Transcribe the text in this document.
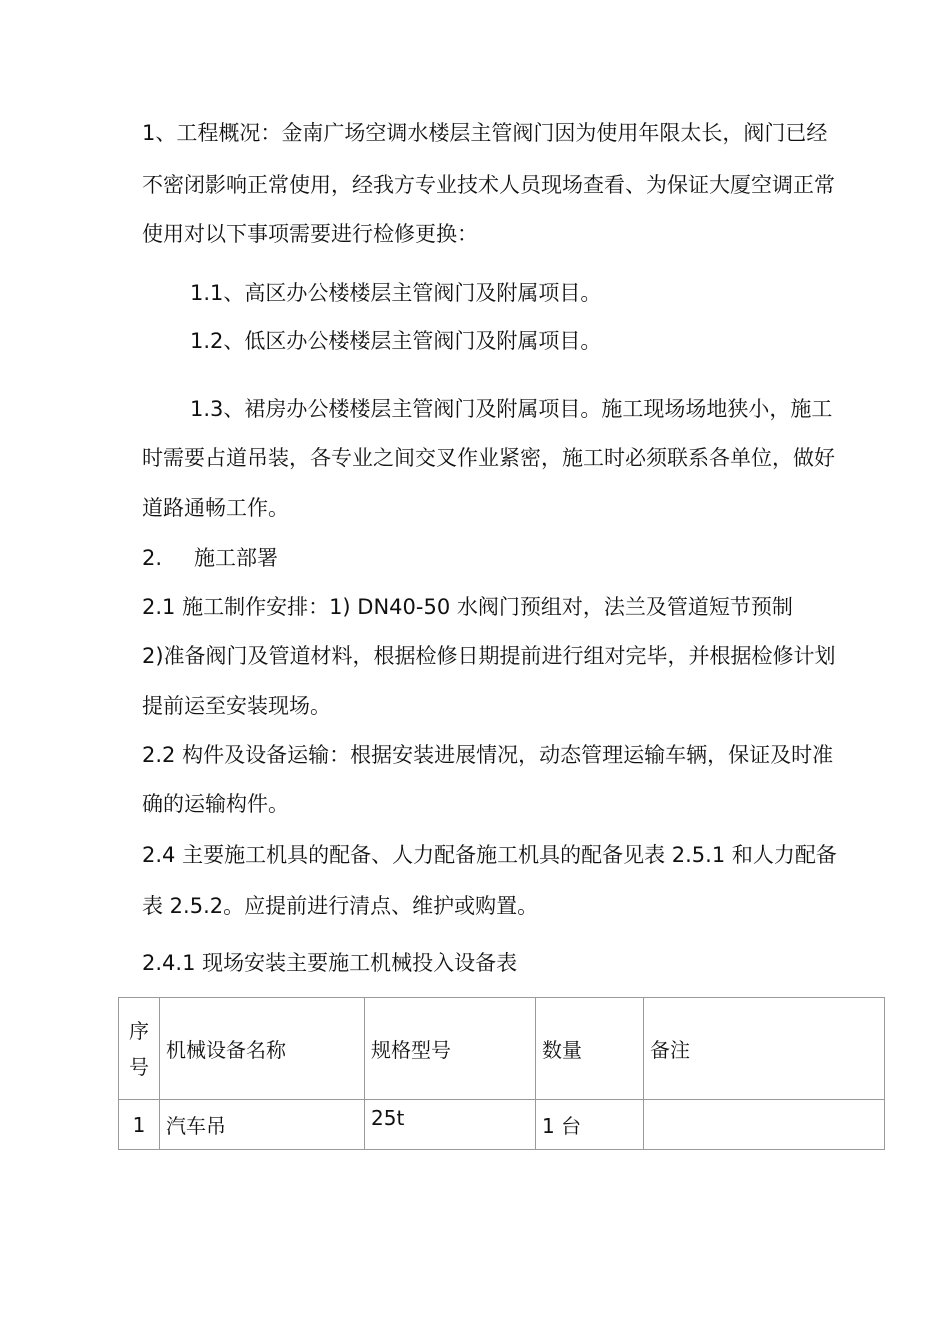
1、工程概况：金南广场空调水楼层主管阀门因为使用年限太长，阀门已经
不密闭影响正常使用，经我方专业技术人员现场查看、为保证大厦空调正常
使用对以下事项需要进行检修更换：
1.1、高区办公楼楼层主管阀门及附属项目。
1.2、低区办公楼楼层主管阀门及附属项目。
1.3、裙房办公楼楼层主管阀门及附属项目。施工现场场地狭小，施工
时需要占道吊装，各专业之间交叉作业紧密，施工时必须联系各单位，做好
道路通畅工作。
2. 施工部署
2.1 施工制作安排：1) DN40-50 水阀门预组对，法兰及管道短节预制
2)准备阀门及管道材料，根据检修日期提前进行组对完毕，并根据检修计划
提前运至安装现场。
2.2 构件及设备运输：根据安装进展情况，动态管理运输车辆，保证及时准
确的运输构件。
2.4 主要施工机具的配备、人力配备施工机具的配备见表 2.5.1 和人力配备
表 2.5.2。应提前进行清点、维护或购置。
2.4.1 现场安装主要施工机械投入设备表
序
号	机械设备名称	规格型号	数量	备注
1	汽车吊	25t	1 台	
